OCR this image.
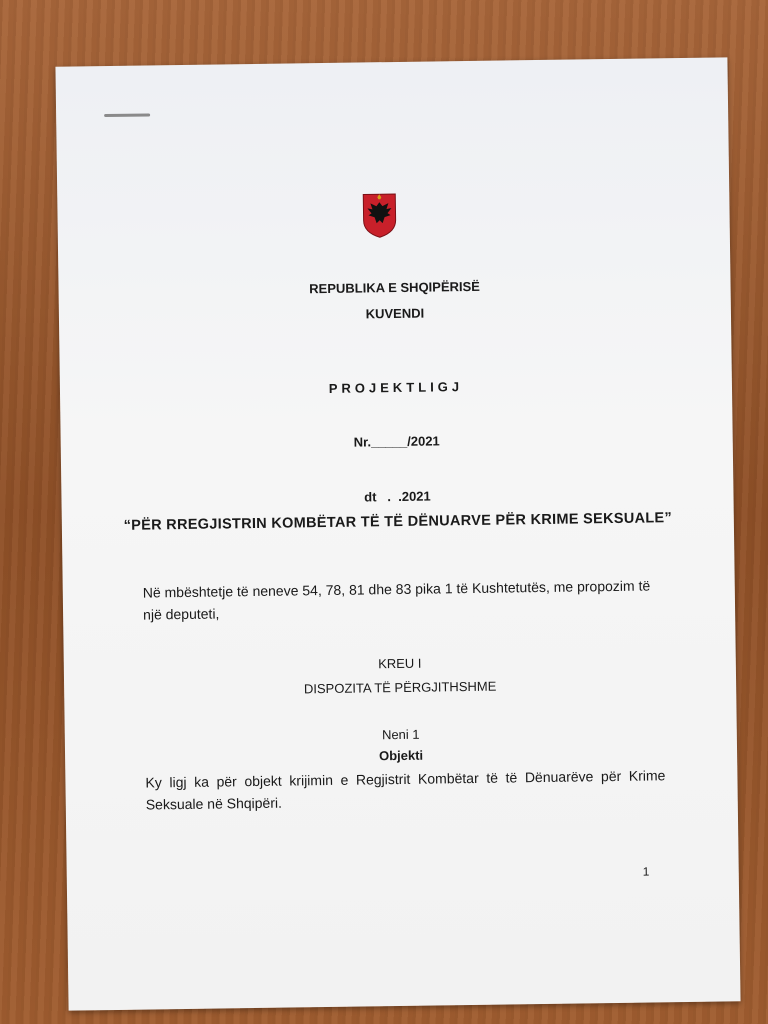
REPUBLIKA E SHQIPËRISË
KUVENDI
PROJEKTLIGJ
Nr._____/2021
dt   .  .2021
“PËR RREGJISTRIN KOMBËTAR TË TË DËNUARVE PËR KRIME SEKSUALE”
Në mbështetje të neneve 54, 78, 81 dhe 83 pika 1 të Kushtetutës, me propozim të një deputeti,
KREU I
DISPOZITA TË PËRGJITHSHME
Neni 1
Objekti
Ky ligj ka për objekt krijimin e Regjistrit Kombëtar të të Dënuarëve për Krime Seksuale në Shqipëri.
1
